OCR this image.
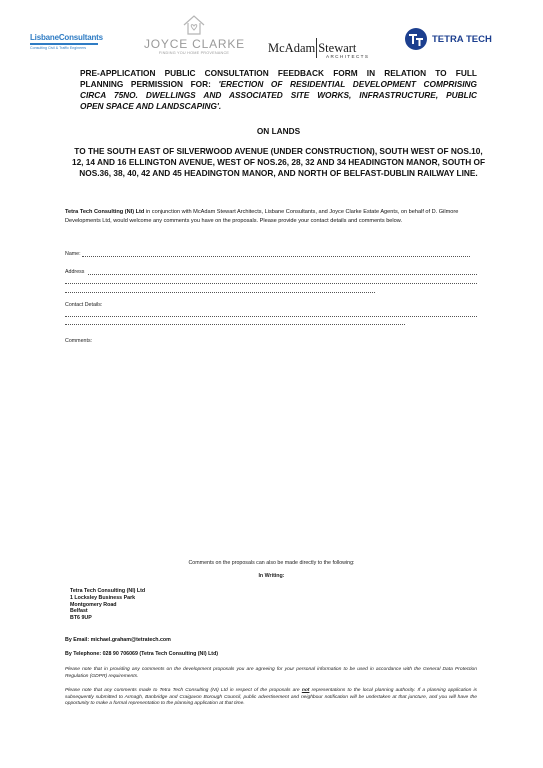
LisbaneConsultants
Consulting Civil & Traffic Engineers	JOYCE CLARKE
FINDING YOU HOME PROVENANCE	McAdam Stewart
ARCHITECTS
TETRA TECH
PRE-APPLICATION PUBLIC CONSULTATION FEEDBACK FORM IN RELATION TO FULL
PLANNING PERMISSION FOR: 'ERECTION OF RESIDENTIAL DEVELOPMENT COMPRISING
CIRCA 75NO. DWELLINGS AND ASSOCIATED SITE WORKS, INFRASTRUCTURE, PUBLIC
OPEN SPACE AND LANDSCAPING'.
ON LANDS
TO THE SOUTH EAST OF SILVERWOOD AVENUE (UNDER CONSTRUCTION), SOUTH WEST OF NOS.10, 12, 14 AND 16 ELLINGTON AVENUE, WEST OF NOS.26, 28, 32 AND 34 HEADINGTON MANOR, SOUTH OF NOS.36, 38, 40, 42 AND 45 HEADINGTON MANOR, AND NORTH OF BELFAST-DUBLIN RAILWAY LINE.
Tetra Tech Consulting (NI) Ltd in conjunction with McAdam Stewart Architects, Lisbane Consultants, and Joyce Clarke Estate Agents, on behalf of D. Gilmore Developments Ltd, would welcome any comments you have on the proposals. Please provide your contact details and comments below.
Name:
Address
Contact Details:
Comments:
Comments on the proposals can also be made directly to the following:
In Writing:
Tetra Tech Consulting (NI) Ltd
1 Locksley Business Park
Montgomery Road
Belfast
BT6 9UP
By Email: michael.graham@tetratech.com
By Telephone: 028 90 706069 (Tetra Tech Consulting (NI) Ltd)
Please note that in providing any comments on the development proposals you are agreeing for your personal information to be used in accordance with the General Data Protection Regulation (GDPR) requirements.
Please note that any comments made to Tetra Tech Consulting (NI) Ltd in respect of the proposals are not representations to the local planning authority. If a planning application is subsequently submitted to Armagh, Banbridge and Craigavon Borough Council, public advertisement and neighbour notification will be undertaken at that juncture, and you will have the opportunity to make a formal representation to the planning application at that time.
